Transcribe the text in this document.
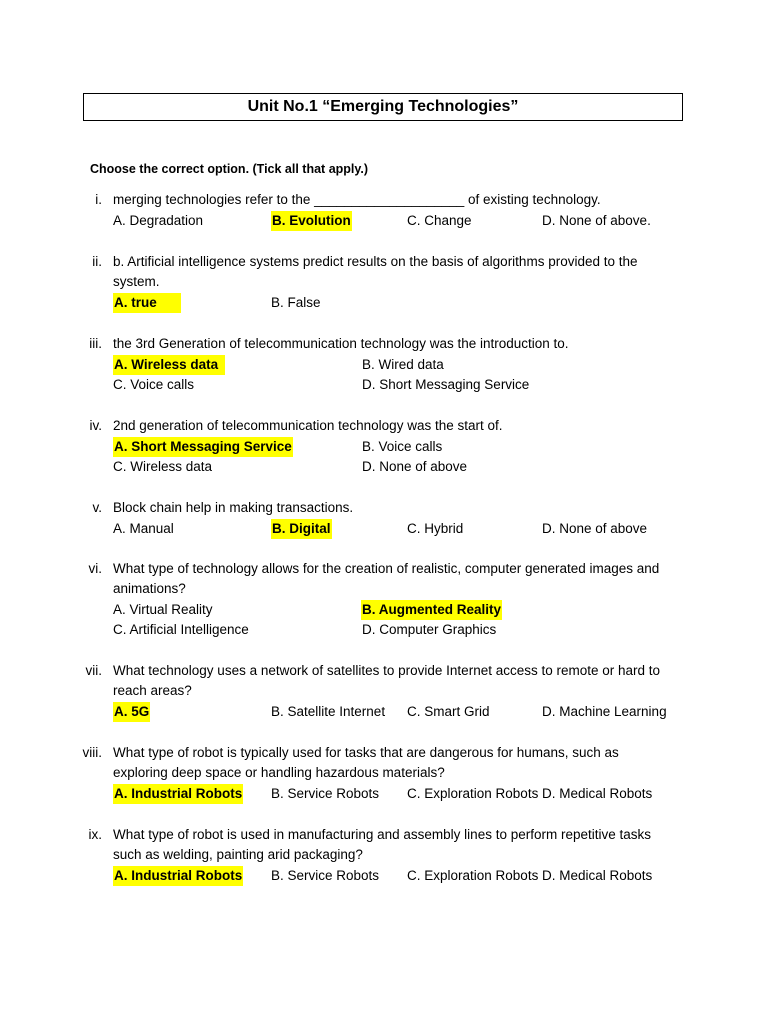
Unit No.1 “Emerging Technologies”
Choose the correct option. (Tick all that apply.)
i. merging technologies refer to the ____________________ of existing technology.
A. Degradation	B. Evolution	C. Change	D. None of above.
ii. b. Artificial intelligence systems predict results on the basis of algorithms provided to the system.
A. true	B. False
iii. the 3rd Generation of telecommunication technology was the introduction to.
A. Wireless data	B. Wired data
C. Voice calls	D. Short Messaging Service
iv. 2nd generation of telecommunication technology was the start of.
A. Short Messaging Service	B. Voice calls
C. Wireless data	D. None of above
v. Block chain help in making transactions.
A. Manual	B. Digital	C. Hybrid	D. None of above
vi. What type of technology allows for the creation of realistic, computer generated images and animations?
A. Virtual Reality	B. Augmented Reality
C. Artificial Intelligence	D. Computer Graphics
vii. What technology uses a network of satellites to provide Internet access to remote or hard to reach areas?
A. 5G	B. Satellite Internet C. Smart Grid	D. Machine Learning
viii. What type of robot is typically used for tasks that are dangerous for humans, such as exploring deep space or handling hazardous materials?
A. Industrial Robots B. Service Robots C. Exploration Robots D. Medical Robots
ix. What type of robot is used in manufacturing and assembly lines to perform repetitive tasks such as welding, painting arid packaging?
A. Industrial Robots B. Service Robots C. Exploration Robots D. Medical Robots
